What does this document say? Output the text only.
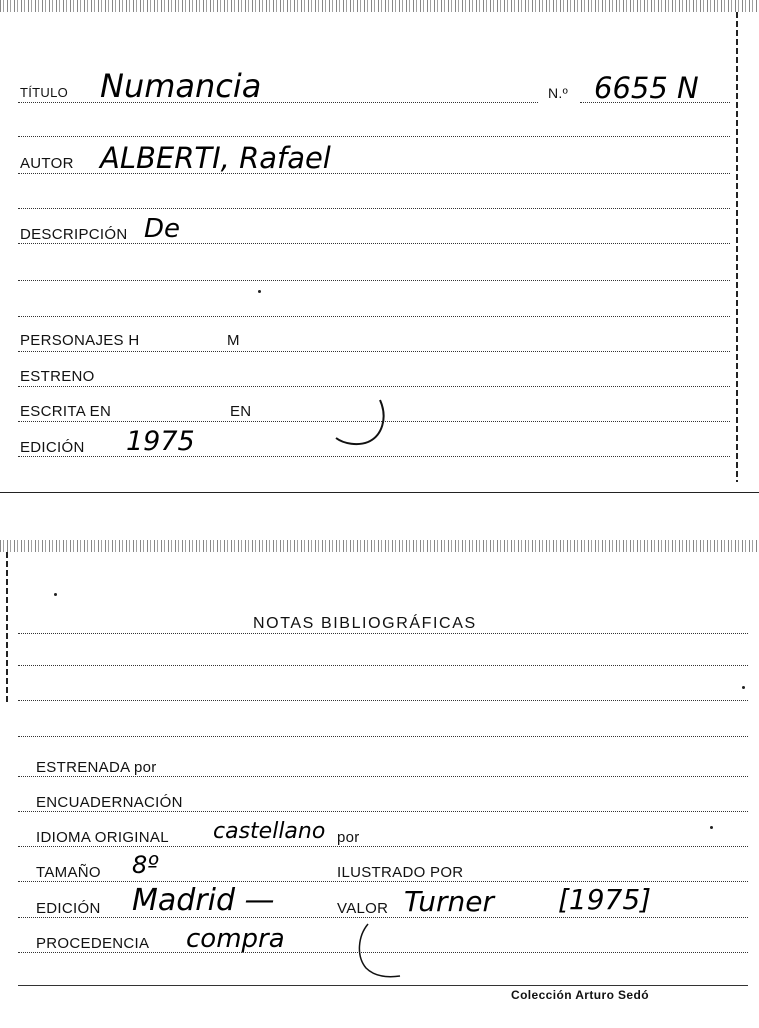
TÍTULO Numancia	N.º 6655 N
AUTOR ALBERTI, Rafael
DESCRIPCIÓN De
PERSONAJES H	M
ESTRENO
ESCRITA EN	EN
EDICIÓN 1975
NOTAS BIBLIOGRÁFICAS
ESTRENADA por
ENCUADERNACIÓN
IDIOMA ORIGINAL castellano por
TAMAÑO 8º	ILUSTRADO POR
EDICIÓN Madrid —	VALOR Turner [1975]
PROCEDENCIA compra
Colección Arturo Sedó
